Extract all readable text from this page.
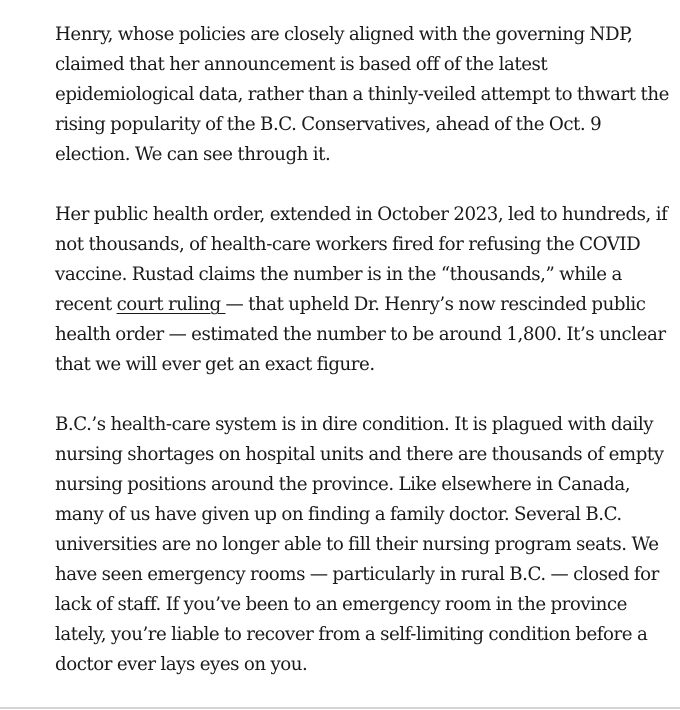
Henry, whose policies are closely aligned with the governing NDP, claimed that her announcement is based off of the latest epidemiological data, rather than a thinly-veiled attempt to thwart the rising popularity of the B.C. Conservatives, ahead of the Oct. 9 election. We can see through it.

Her public health order, extended in October 2023, led to hundreds, if not thousands, of health-care workers fired for refusing the COVID vaccine. Rustad claims the number is in the “thousands,” while a recent court ruling — that upheld Dr. Henry’s now rescinded public health order — estimated the number to be around 1,800. It’s unclear that we will ever get an exact figure.

B.C.’s health-care system is in dire condition. It is plagued with daily nursing shortages on hospital units and there are thousands of empty nursing positions around the province. Like elsewhere in Canada, many of us have given up on finding a family doctor. Several B.C. universities are no longer able to fill their nursing program seats. We have seen emergency rooms — particularly in rural B.C. — closed for lack of staff. If you’ve been to an emergency room in the province lately, you’re liable to recover from a self-limiting condition before a doctor ever lays eyes on you.
